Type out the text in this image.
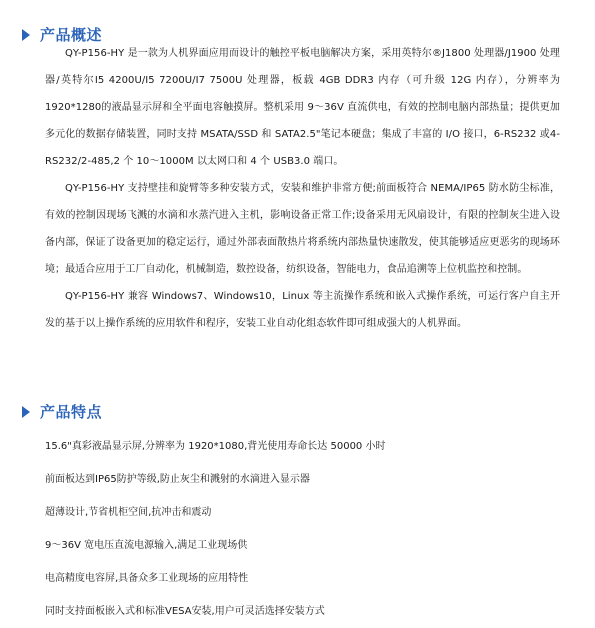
产品概述

QY-P156-HY 是一款为人机界面应用而设计的触控平板电脑解决方案，采用英特尔®J1800 处理器/J1900 处理器/英特尔I5 4200U/I5 7200U/I7 7500U 处理器，板载 4GB DDR3 内存（可升级 12G 内存），分辨率为1920*1280的液晶显示屏和全平面电容触摸屏。整机采用 9～36V 直流供电，有效的控制电脑内部热量；提供更加多元化的数据存储装置，同时支持 MSATA/SSD 和 SATA2.5"笔记本硬盘；集成了丰富的 I/O 接口，6-RS232 或4-RS232/2-485,2 个 10～1000M 以太网口和 4 个 USB3.0 端口。

QY-P156-HY 支持壁挂和旋臂等多种安装方式，安装和维护非常方便;前面板符合 NEMA/IP65 防水防尘标准， 有效的控制因现场飞溅的水滴和水蒸汽进入主机，影响设备正常工作;设备采用无风扇设计，有限的控制灰尘进入设备内部，保证了设备更加的稳定运行，通过外部表面散热片将系统内部热量快速散发，使其能够适应更恶劣的现场环境；最适合应用于工厂自动化，机械制造，数控设备，纺织设备，智能电力，食品追溯等上位机监控和控制。

QY-P156-HY 兼容 Windows7、Windows10，Linux 等主流操作系统和嵌入式操作系统，可运行客户自主开发的基于以上操作系统的应用软件和程序，安装工业自动化组态软件即可组成强大的人机界面。

产品特点
15.6"真彩液晶显示屏,分辨率为 1920*1080,背光使用寿命长达 50000 小时
前面板达到IP65防护等级,防止灰尘和溅射的水滴进入显示器
超薄设计,节省机柜空间,抗冲击和震动
9～36V 宽电压直流电源输入,满足工业现场供
电高精度电容屏,具备众多工业现场的应用特性
同时支持面板嵌入式和标准VESA安装,用户可灵活选择安装方式
